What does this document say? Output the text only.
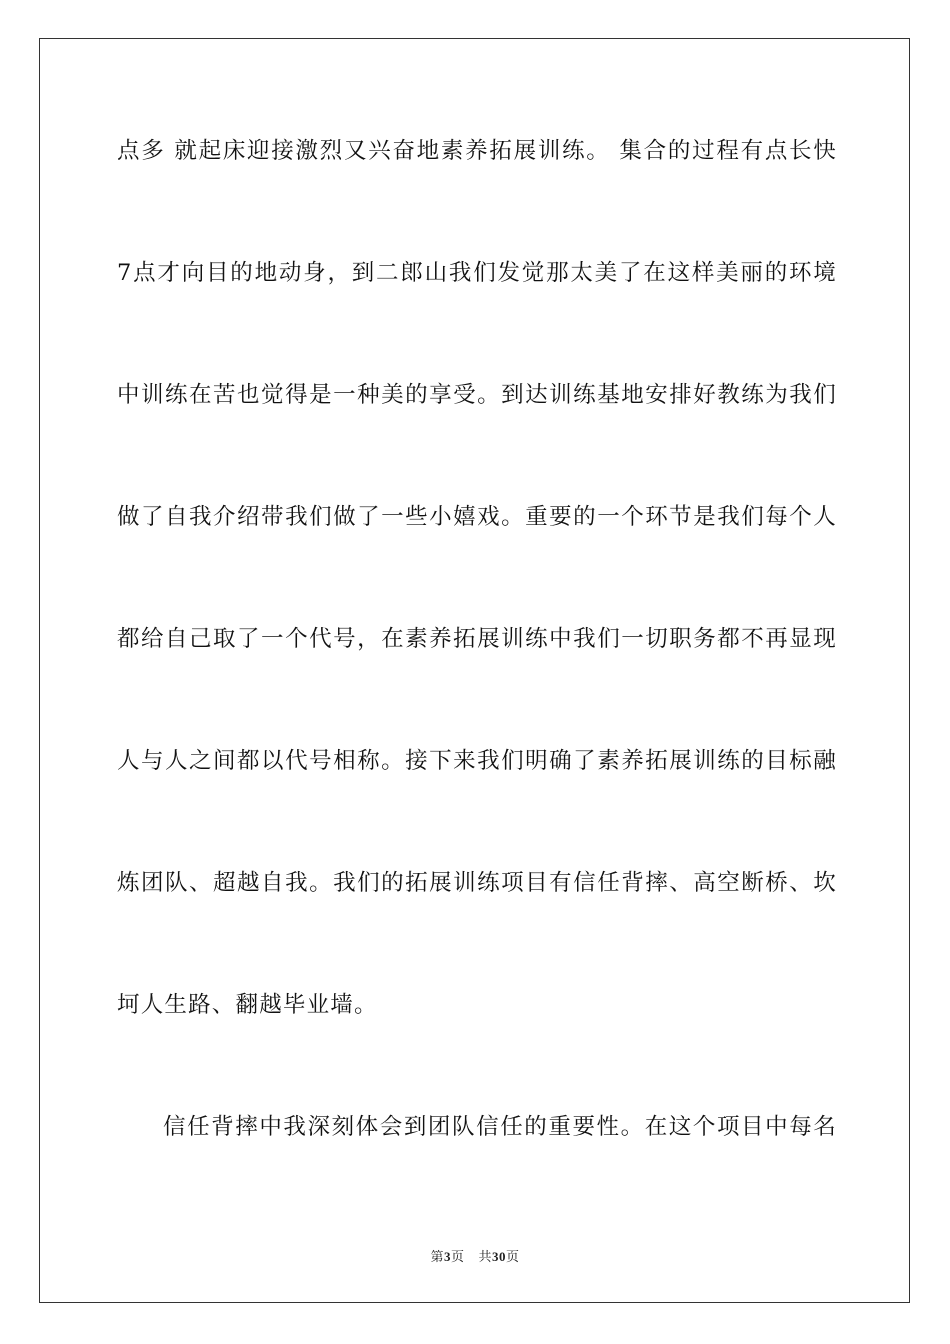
点多 就起床迎接激烈又兴奋地素养拓展训练。 集合的过程有点长快
7点才向目的地动身，到二郎山我们发觉那太美了在这样美丽的环境
中训练在苦也觉得是一种美的享受。到达训练基地安排好教练为我们
做了自我介绍带我们做了一些小嬉戏。重要的一个环节是我们每个人
都给自己取了一个代号，在素养拓展训练中我们一切职务都不再显现
人与人之间都以代号相称。接下来我们明确了素养拓展训练的目标融
炼团队、超越自我。我们的拓展训练项目有信任背摔、高空断桥、坎
坷人生路、翻越毕业墙。
信任背摔中我深刻体会到团队信任的重要性。在这个项目中每名
第3页 共30页
